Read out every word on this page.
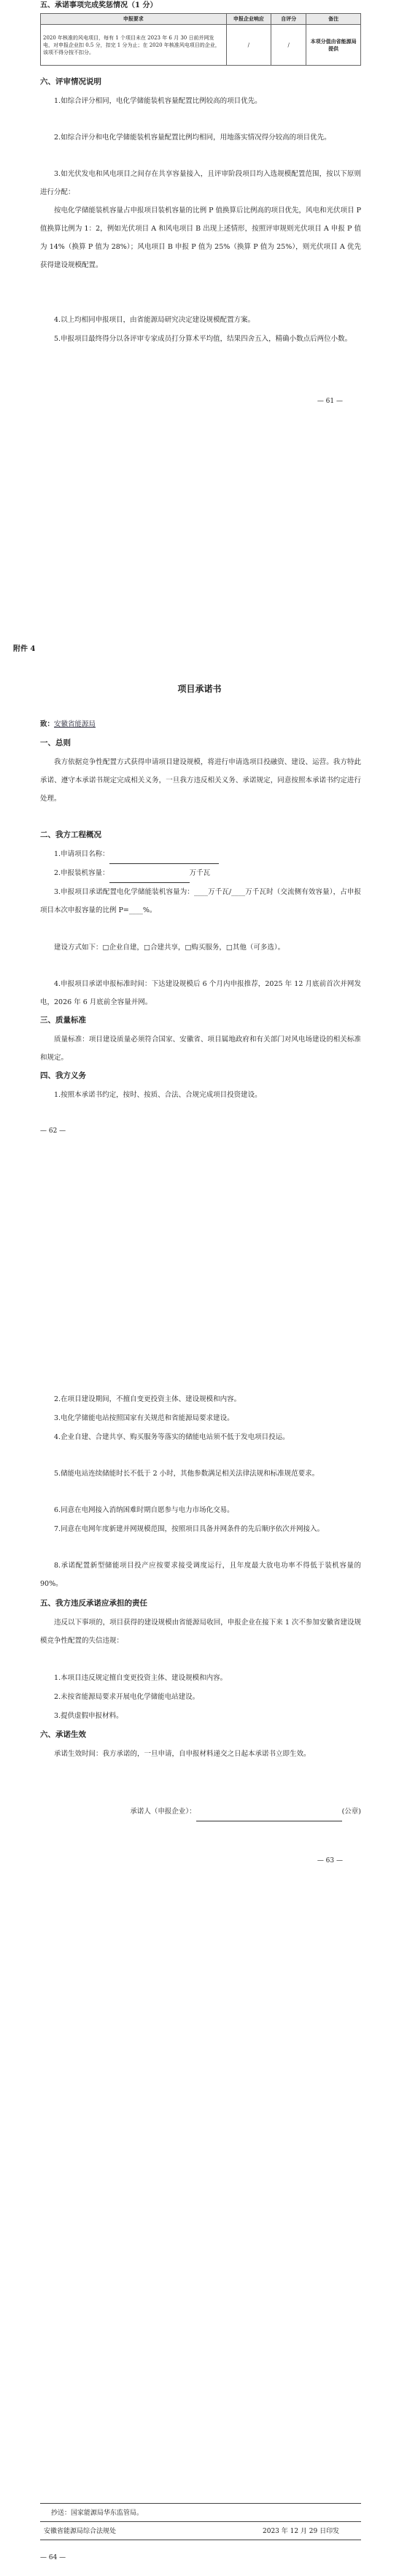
五、承诺事项完成奖惩情况（1 分）
申报要求	申报企业响应	自评分	备注
2020 年核准的风电项目，每有 1 个项目未在 2023 年 6 月 30 日前并网发电，对申报企业扣 0.5 分，扣完 1 分为止；在 2020 年核准风电项目的企业，该项不得分按不扣分。	/	/	本项分值由省能源局提供
六、评审情况说明
1.如综合评分相同，电化学储能装机容量配置比例较高的项目优先。
2.如综合评分和电化学储能装机容量配置比例均相同，用地落实情况得分较高的项目优先。
3.如光伏发电和风电项目之间存在共享容量接入，且评审阶段项目均入选规模配置范围，按以下原则进行分配：
按电化学储能装机容量占申报项目装机容量的比例 P 值换算后比例高的项目优先，风电和光伏项目 P 值换算比例为 1：2，例如光伏项目 A 和风电项目 B 出现上述情形，按照评审规则光伏项目 A 申报 P 值为 14%（换算 P 值为 28%）；风电项目 B 申报 P 值为 25%（换算 P 值为 25%），则光伏项目 A 优先获得建设规模配置。
4.以上均相同申报项目，由省能源局研究决定建设规模配置方案。
5.申报项目最终得分以各评审专家成员打分算术平均值，结果四舍五入，精确小数点后两位小数。
— 61 —
附件 4
项目承诺书
致：安徽省能源局
一、总则
我方依据竞争性配置方式获得申请项目建设规模，将进行申请选项目投融资、建设、运营。我方特此承诺、遵守本承诺书规定完成相关义务，一旦我方违反相关义务、承诺规定，同意按照本承诺书约定进行处理。
二、我方工程概况
1.申请项目名称：
2.申报装机容量：	万千瓦
3.申报项目承诺配置电化学储能装机容量为：____万千瓦/____万千瓦时（交流侧有效容量），占申报项目本次申报容量的比例 P=____%。
建设方式如下：□企业自建，□合建共享，□购买服务，□其他（可多选）。
4.申报项目承诺申报标准时间：下达建设规模后 6 个月内申报推荐，2025 年 12 月底前首次并网发电，2026 年 6 月底前全容量并网。
三、质量标准
质量标准：项目建设质量必须符合国家、安徽省、项目属地政府和有关部门对风电场建设的相关标准和规定。
四、我方义务
1.按照本承诺书约定，按时、按质、合法、合规完成项目投资建设。
— 62 —
2.在项目建设期间，不擅自变更投资主体、建设规模和内容。
3.电化学储能电站按照国家有关规范和省能源局要求建设。
4.企业自建、合建共享、购买服务等落实的储能电站须不低于发电项目投运。
5.储能电站连续储能时长不低于 2 小时，其他参数满足相关法律法规和标准规范要求。
6.同意在电网接入消纳困难时期自愿参与电力市场化交易。
7.同意在电网年度新建并网规模范围，按照项目具备并网条件的先后顺序依次并网接入。
8.承诺配置新型储能项目投产应按要求接受调度运行，且年度最大放电功率不得低于装机容量的 90%。
五、我方违反承诺应承担的责任
违反以下事项的，项目获得的建设规模由省能源局收回，申报企业在接下来 1 次不参加安徽省建设规模竞争性配置的失信违规：
1.本项目违反规定擅自变更投资主体、建设规模和内容。
2.未按省能源局要求开展电化学储能电站建设。
3.提供虚假申报材料。
六、承诺生效
承诺生效时间：我方承诺的，一旦申请，自申报材料递交之日起本承诺书立即生效。
承诺人（申报企业）：	(公章)
— 63 —
抄送：国家能源局华东监管局。
安徽省能源局综合法规处	2023 年 12 月 29 日印发
— 64 —
